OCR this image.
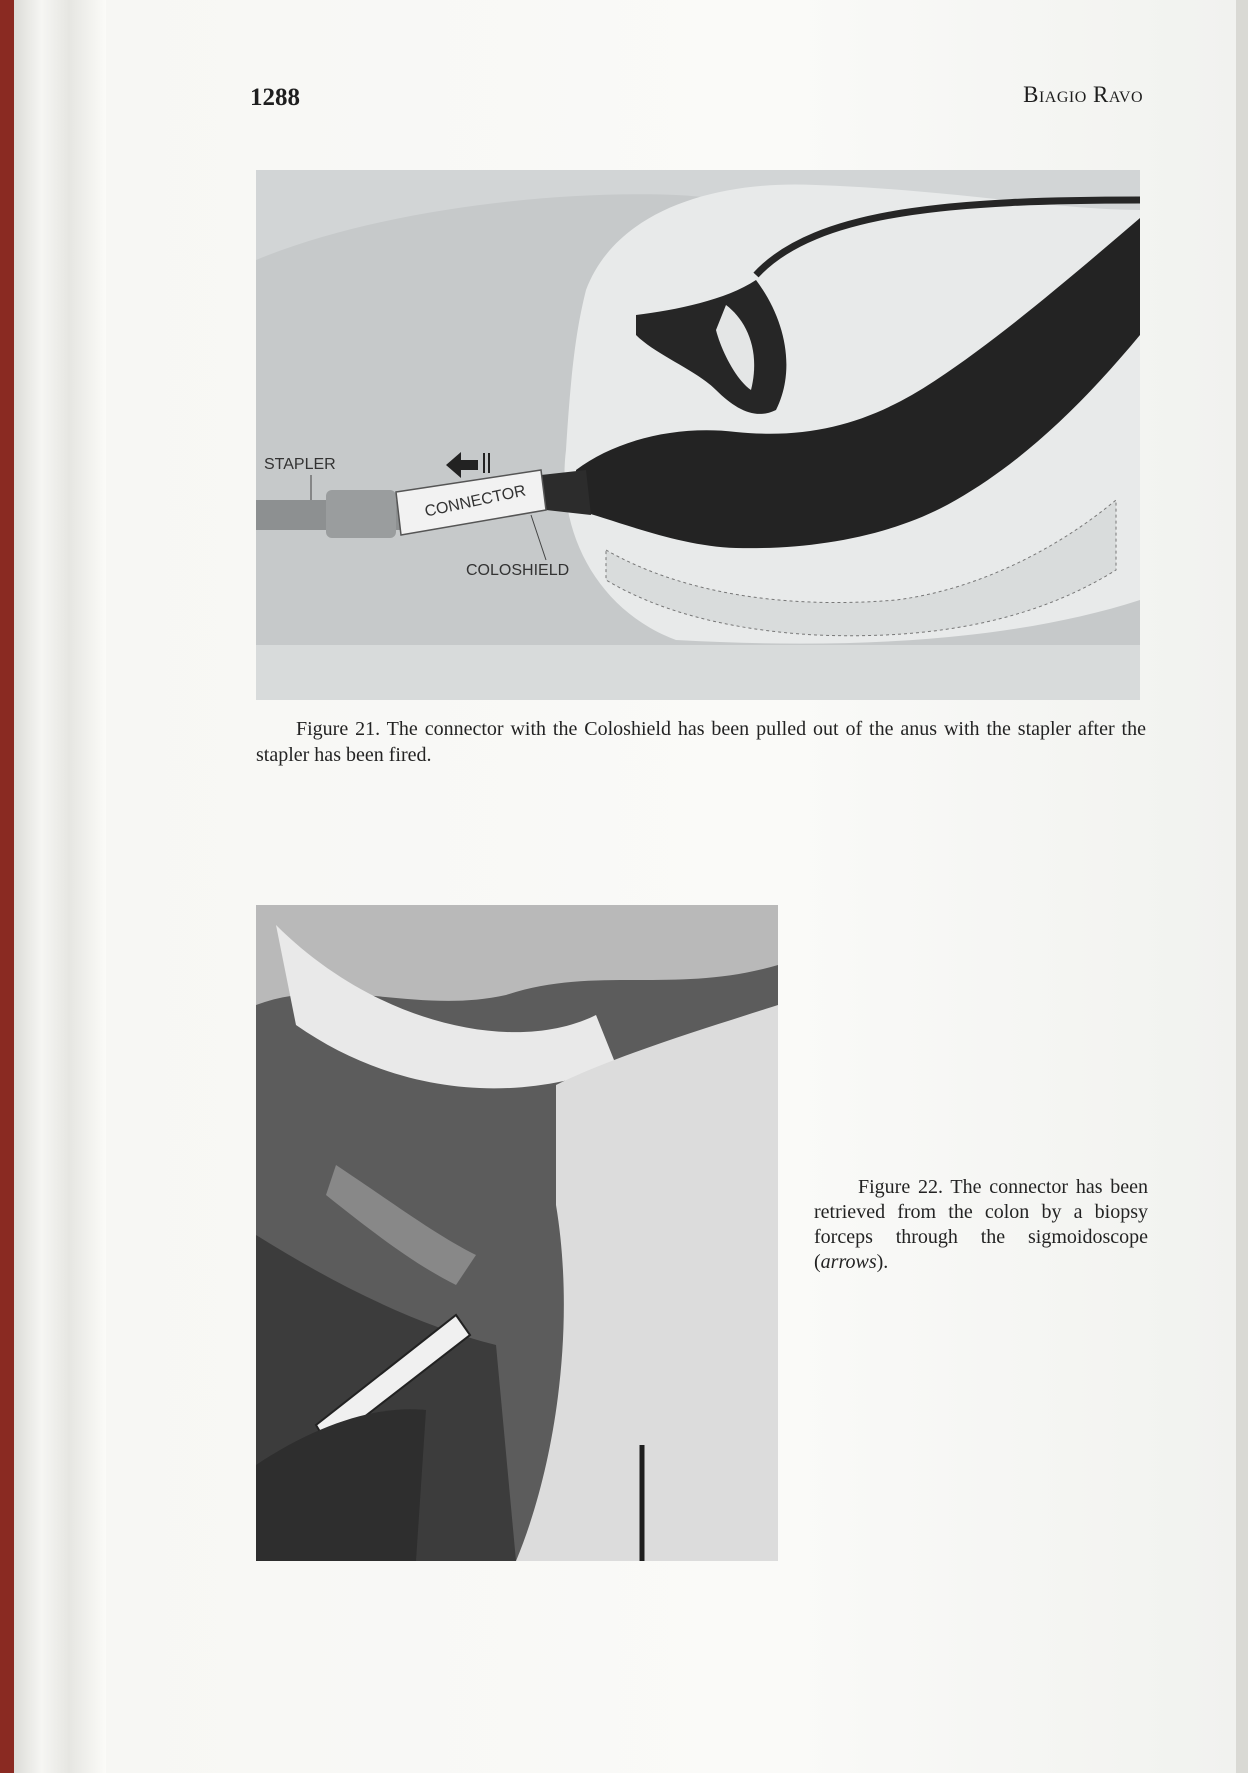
1288	Biagio Ravo
STAPLER
CONNECTOR
COLOSHIELD
Figure 21. The connector with the Coloshield has been pulled out of the anus with the stapler after the stapler has been fired.
Figure 22. The connector has been retrieved from the colon by a biopsy forceps through the sigmoidoscope (arrows).
